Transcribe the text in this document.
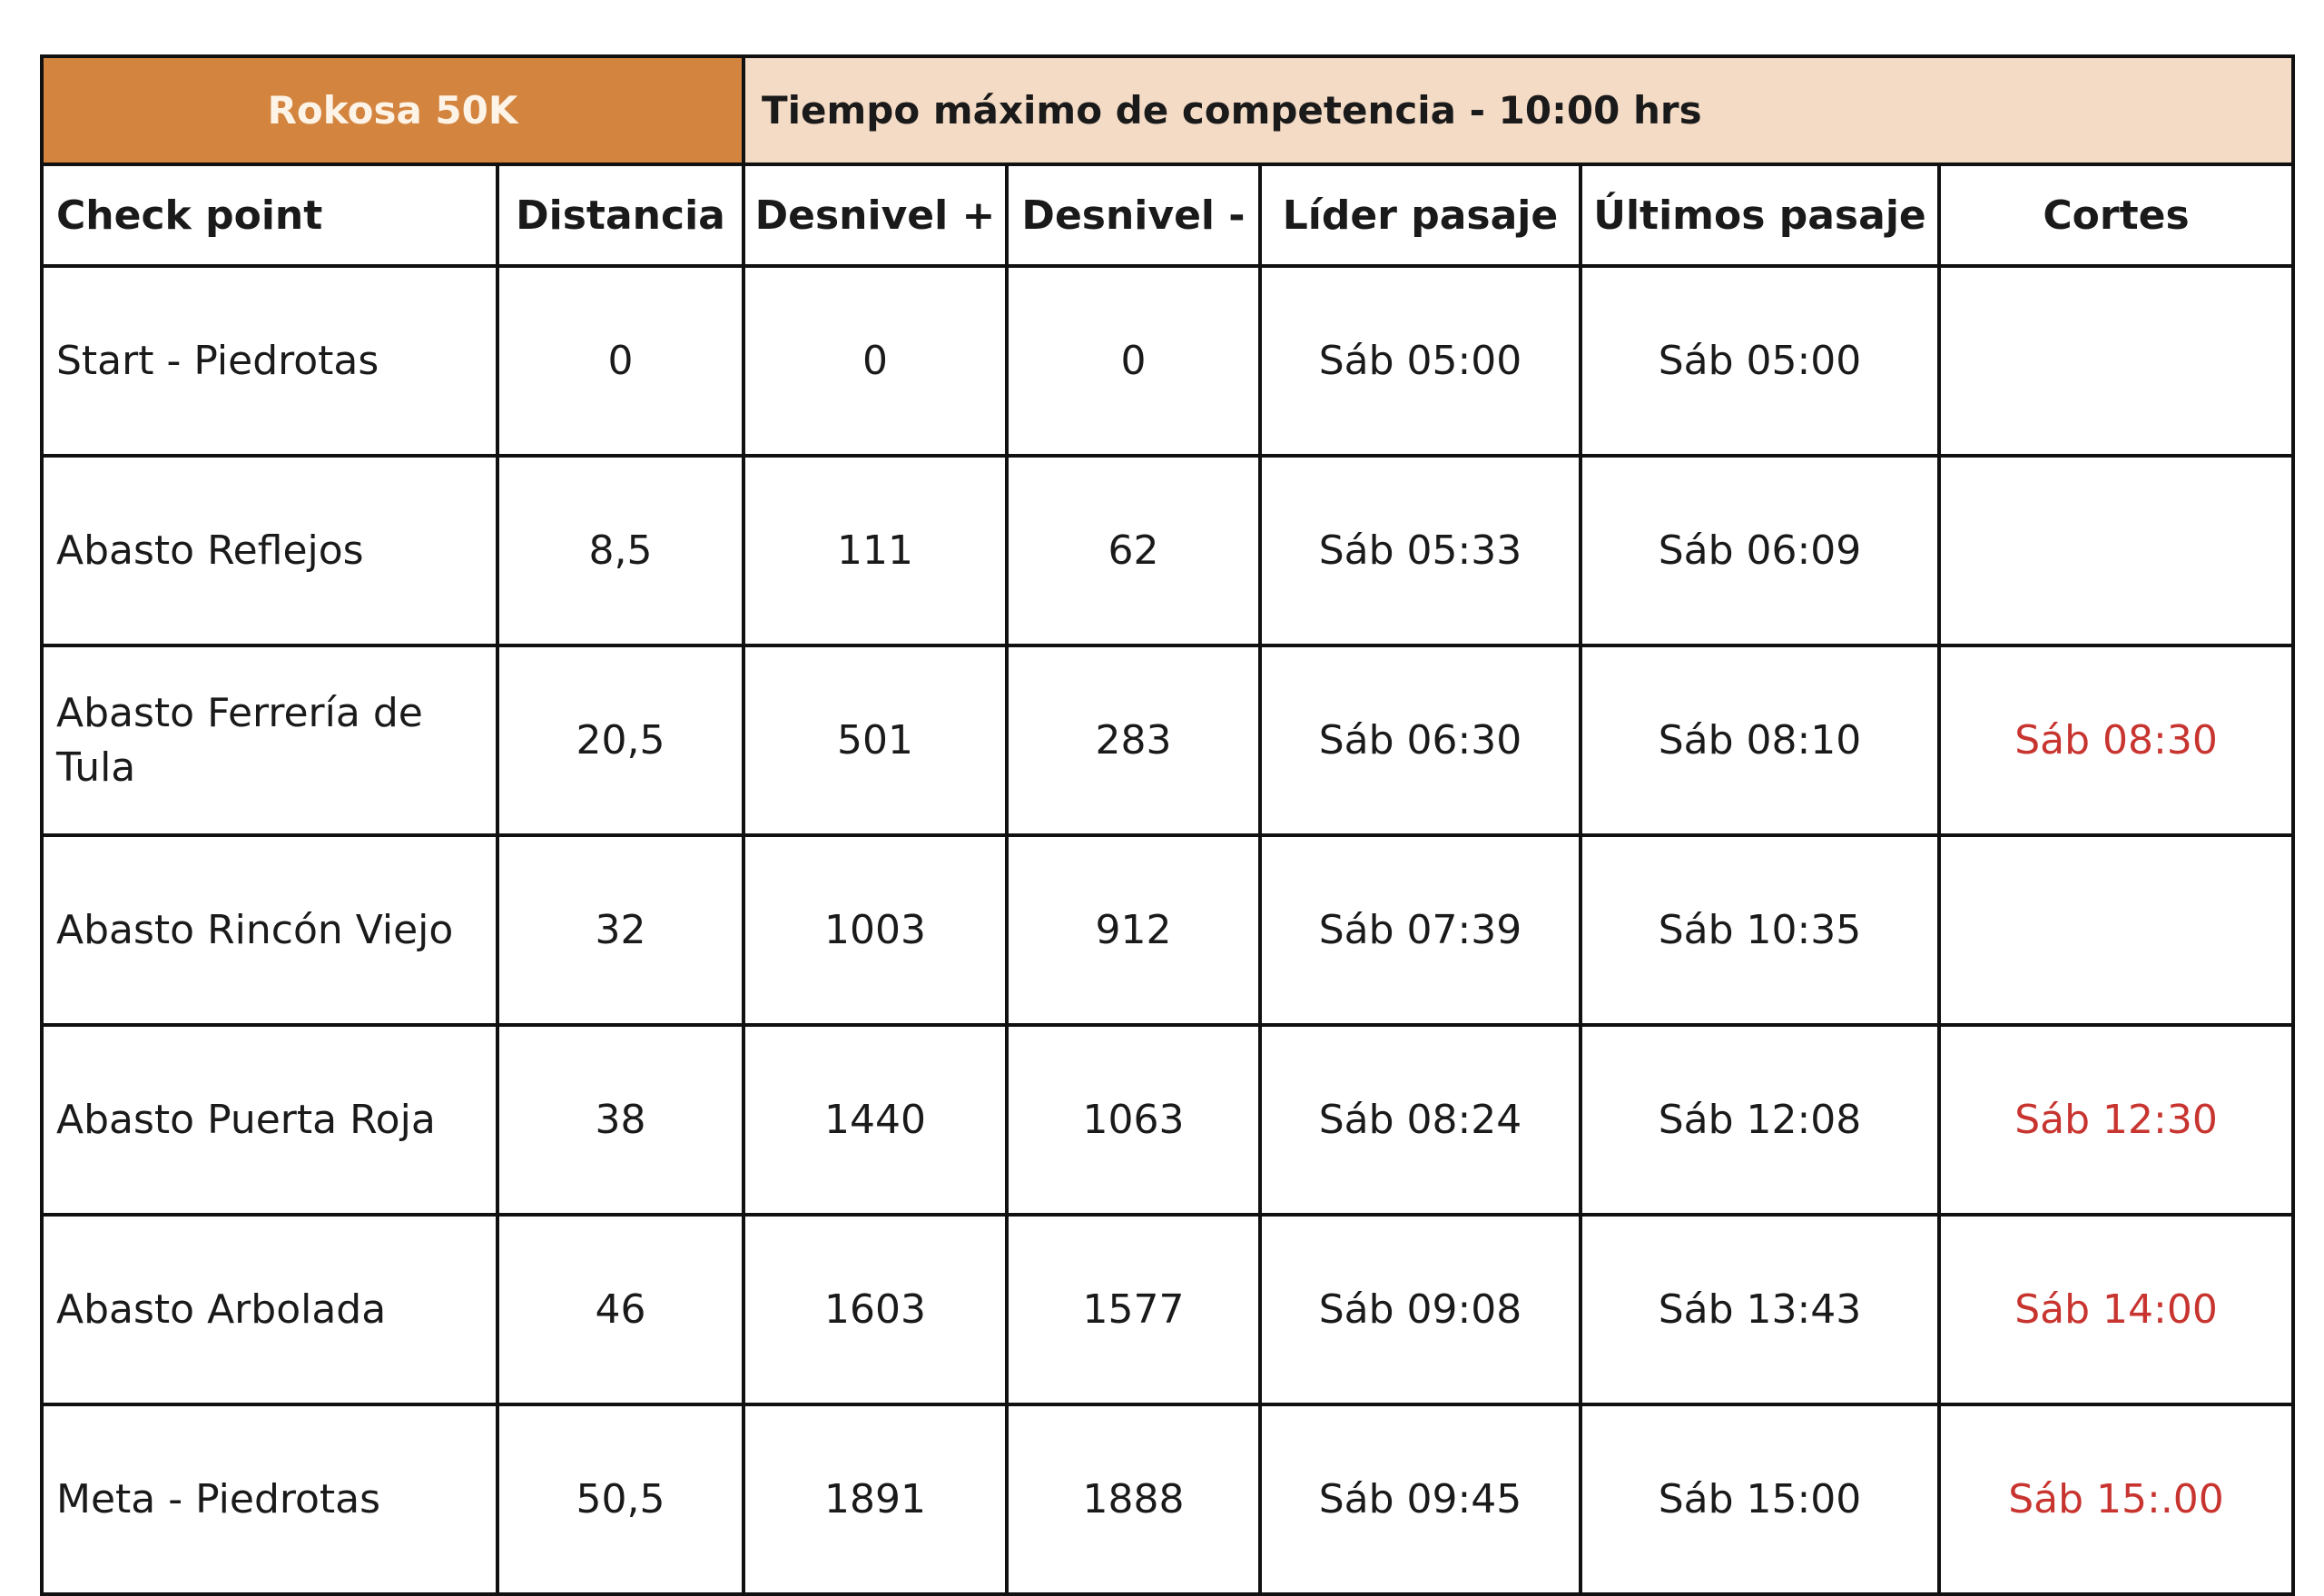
Rokosa 50K		Tiempo máximo de competencia - 10:00 hrs				
Check point	Distancia	Desnivel +	Desnivel -	Líder pasaje	Últimos pasaje	Cortes
Start - Piedrotas	0	0	0	Sáb 05:00	Sáb 05:00	
Abasto Reflejos	8,5	111	62	Sáb 05:33	Sáb 06:09	
Abasto Ferrería de Tula	20,5	501	283	Sáb 06:30	Sáb 08:10	Sáb 08:30
Abasto Rincón Viejo	32	1003	912	Sáb 07:39	Sáb 10:35	
Abasto Puerta Roja	38	1440	1063	Sáb 08:24	Sáb 12:08	Sáb 12:30
Abasto Arbolada	46	1603	1577	Sáb 09:08	Sáb 13:43	Sáb 14:00
Meta - Piedrotas	50,5	1891	1888	Sáb 09:45	Sáb 15:00	Sáb 15:.00
